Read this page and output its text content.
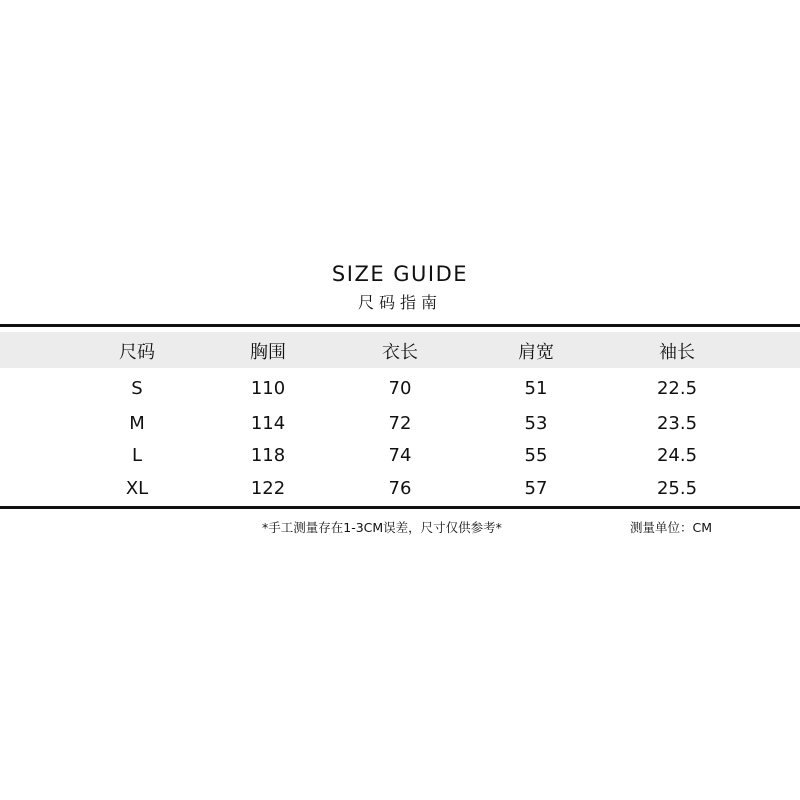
SIZE GUIDE
尺码指南
尺码	胸围	衣长	肩宽	袖长
S	110	70	51	22.5
M	114	72	53	23.5
L	118	74	55	24.5
XL	122	76	57	25.5
*手工测量存在1-3CM误差，尺寸仅供参考*	测量单位：CM
